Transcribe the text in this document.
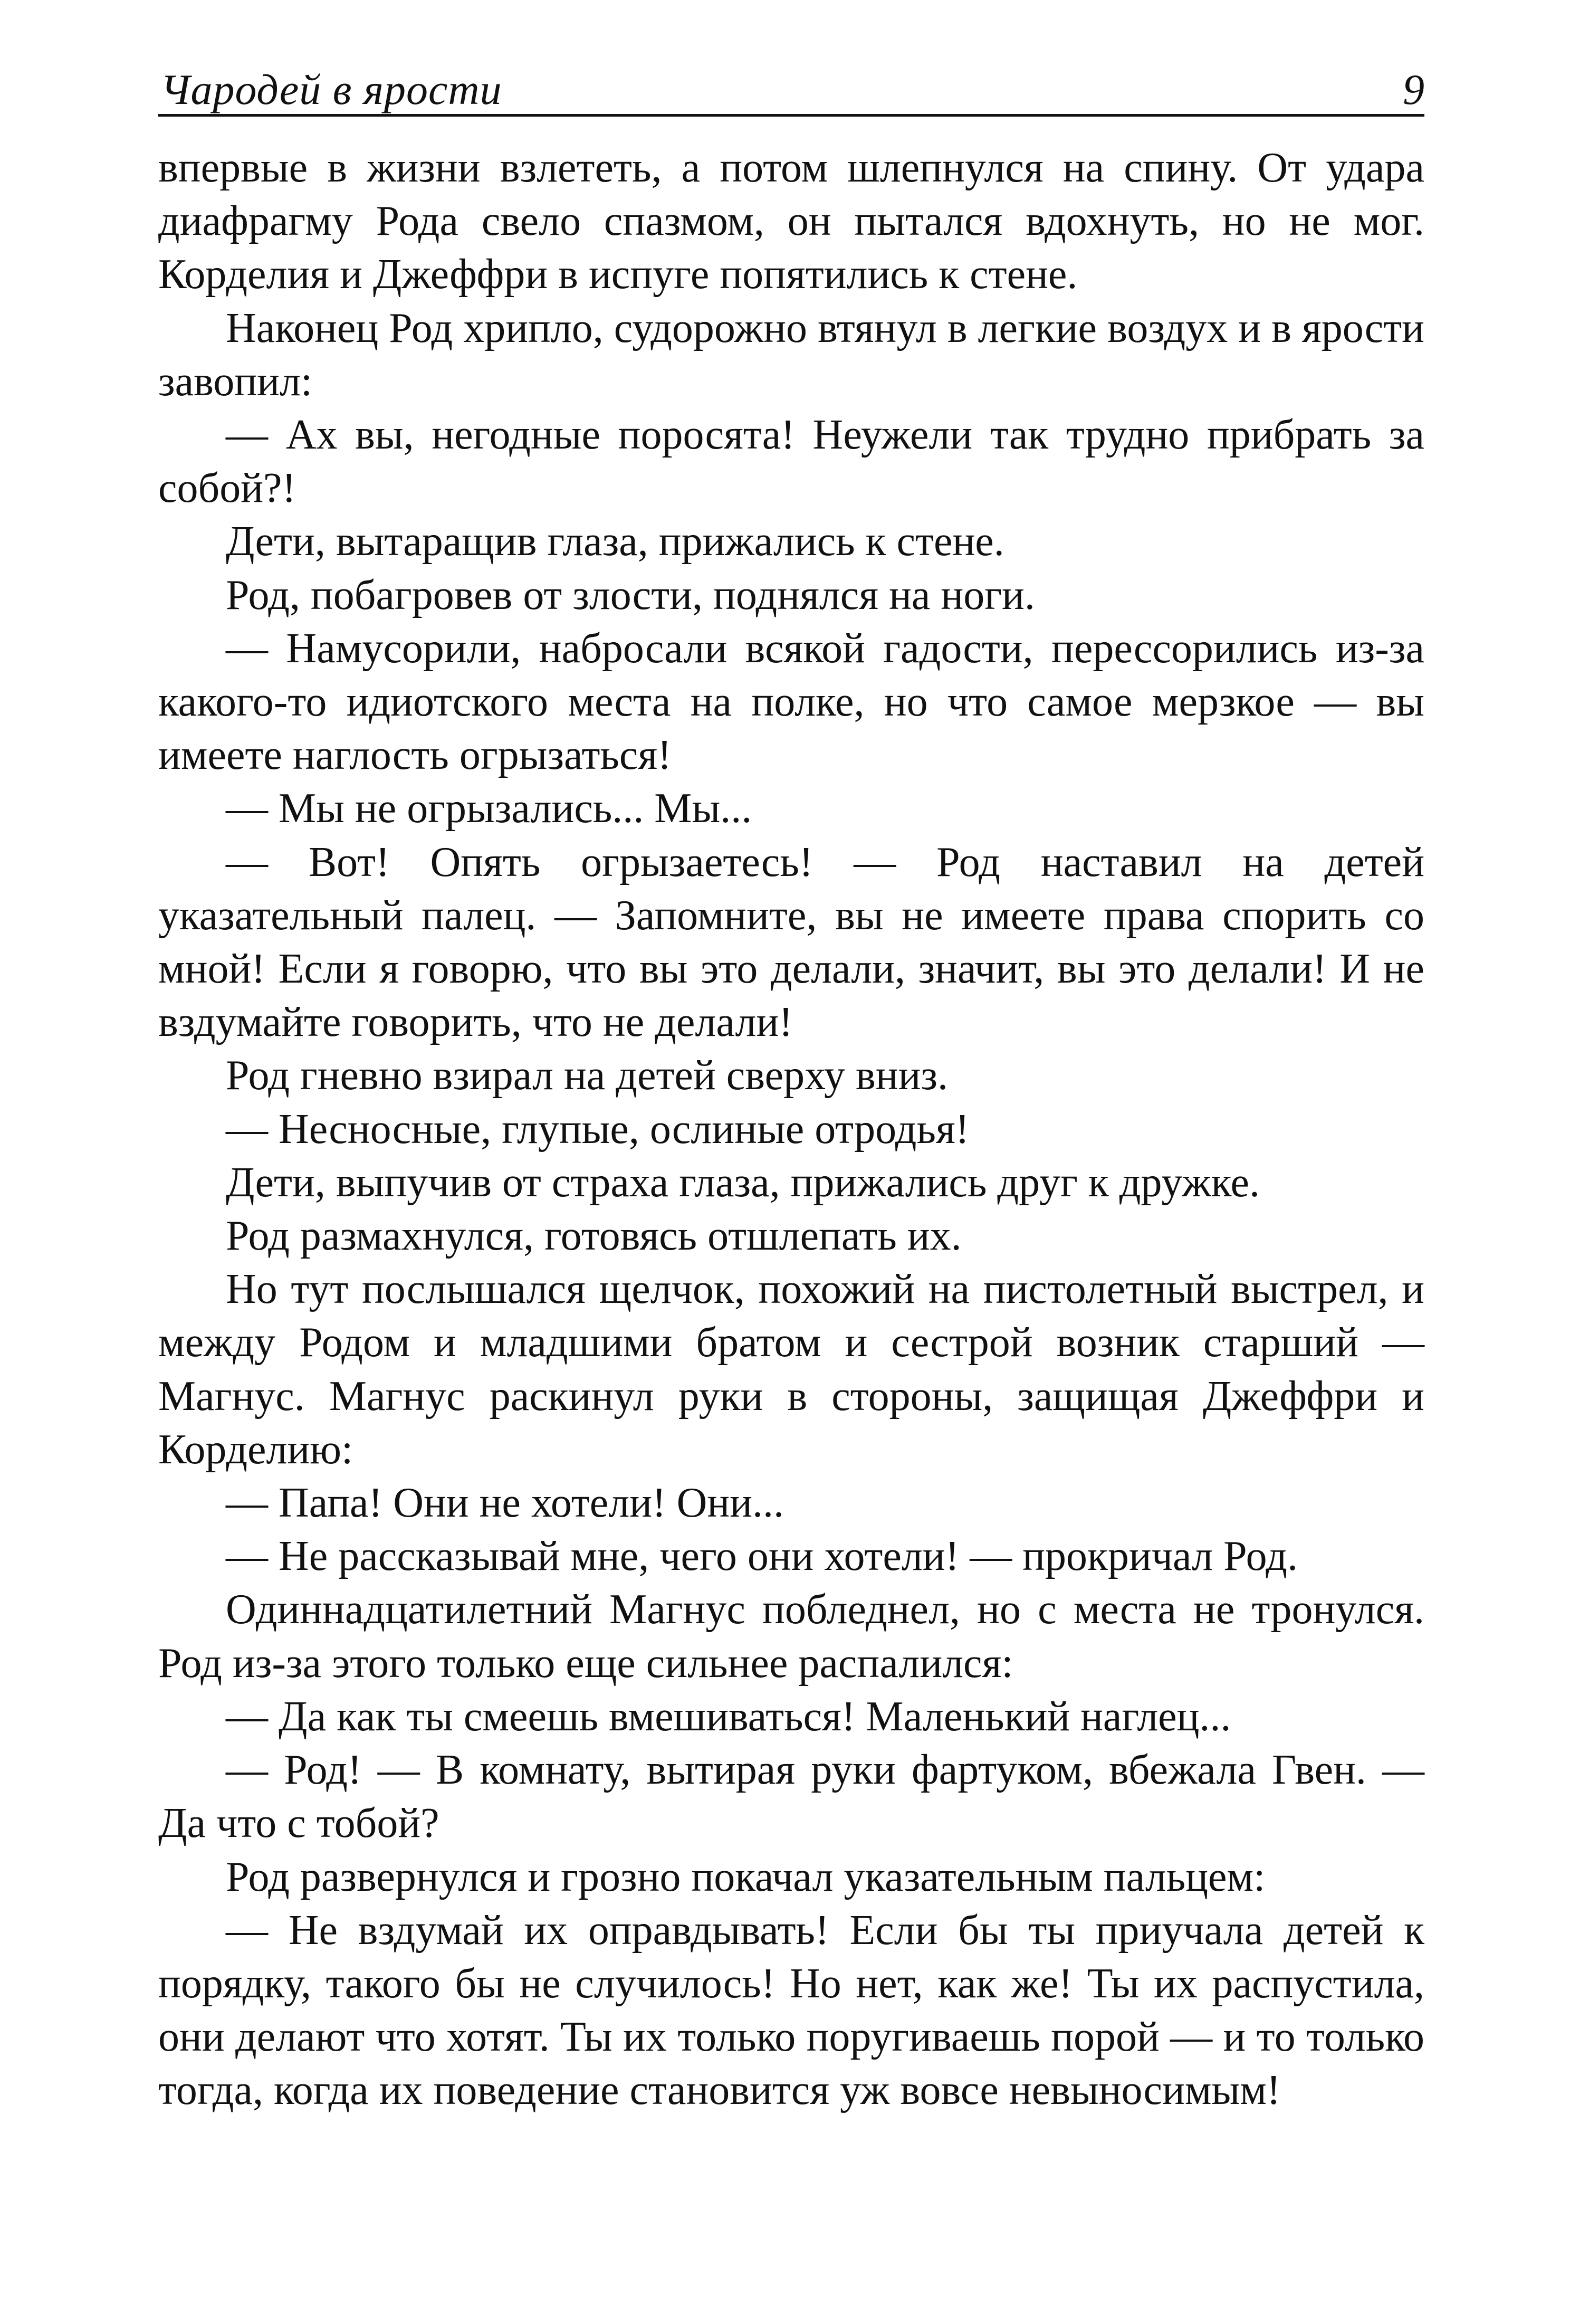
Чародей в ярости	9

впервые в жизни взлететь, а потом шлепнулся на спину. От удара диафрагму Рода свело спазмом, он пытался вдохнуть, но не мог. Корделия и Джеффри в испуге попятились к стене.

Наконец Род хрипло, судорожно втянул в легкие воздух и в ярости завопил:

— Ах вы, негодные поросята! Неужели так трудно прибрать за собой?!

Дети, вытаращив глаза, прижались к стене.

Род, побагровев от злости, поднялся на ноги.

— Намусорили, набросали всякой гадости, перессорились из-за какого-то идиотского места на полке, но что самое мерзкое — вы имеете наглость огрызаться!

— Мы не огрызались... Мы...

— Вот! Опять огрызаетесь! — Род наставил на детей указательный палец. — Запомните, вы не имеете права спорить со мной! Если я говорю, что вы это делали, значит, вы это делали! И не вздумайте говорить, что не делали!

Род гневно взирал на детей сверху вниз.

— Несносные, глупые, ослиные отродья!

Дети, выпучив от страха глаза, прижались друг к дружке.

Род размахнулся, готовясь отшлепать их.

Но тут послышался щелчок, похожий на пистолетный выстрел, и между Родом и младшими братом и сестрой возник старший — Магнус. Магнус раскинул руки в стороны, защищая Джеффри и Корделию:

— Папа! Они не хотели! Они...

— Не рассказывай мне, чего они хотели! — прокричал Род.

Одиннадцатилетний Магнус побледнел, но с места не тронулся. Род из-за этого только еще сильнее распалился:

— Да как ты смеешь вмешиваться! Маленький наглец...

— Род! — В комнату, вытирая руки фартуком, вбежала Гвен. — Да что с тобой?

Род развернулся и грозно покачал указательным пальцем:

— Не вздумай их оправдывать! Если бы ты приучала детей к порядку, такого бы не случилось! Но нет, как же! Ты их распустила, они делают что хотят. Ты их только поругиваешь порой — и то только тогда, когда их поведение становится уж вовсе невыносимым!
